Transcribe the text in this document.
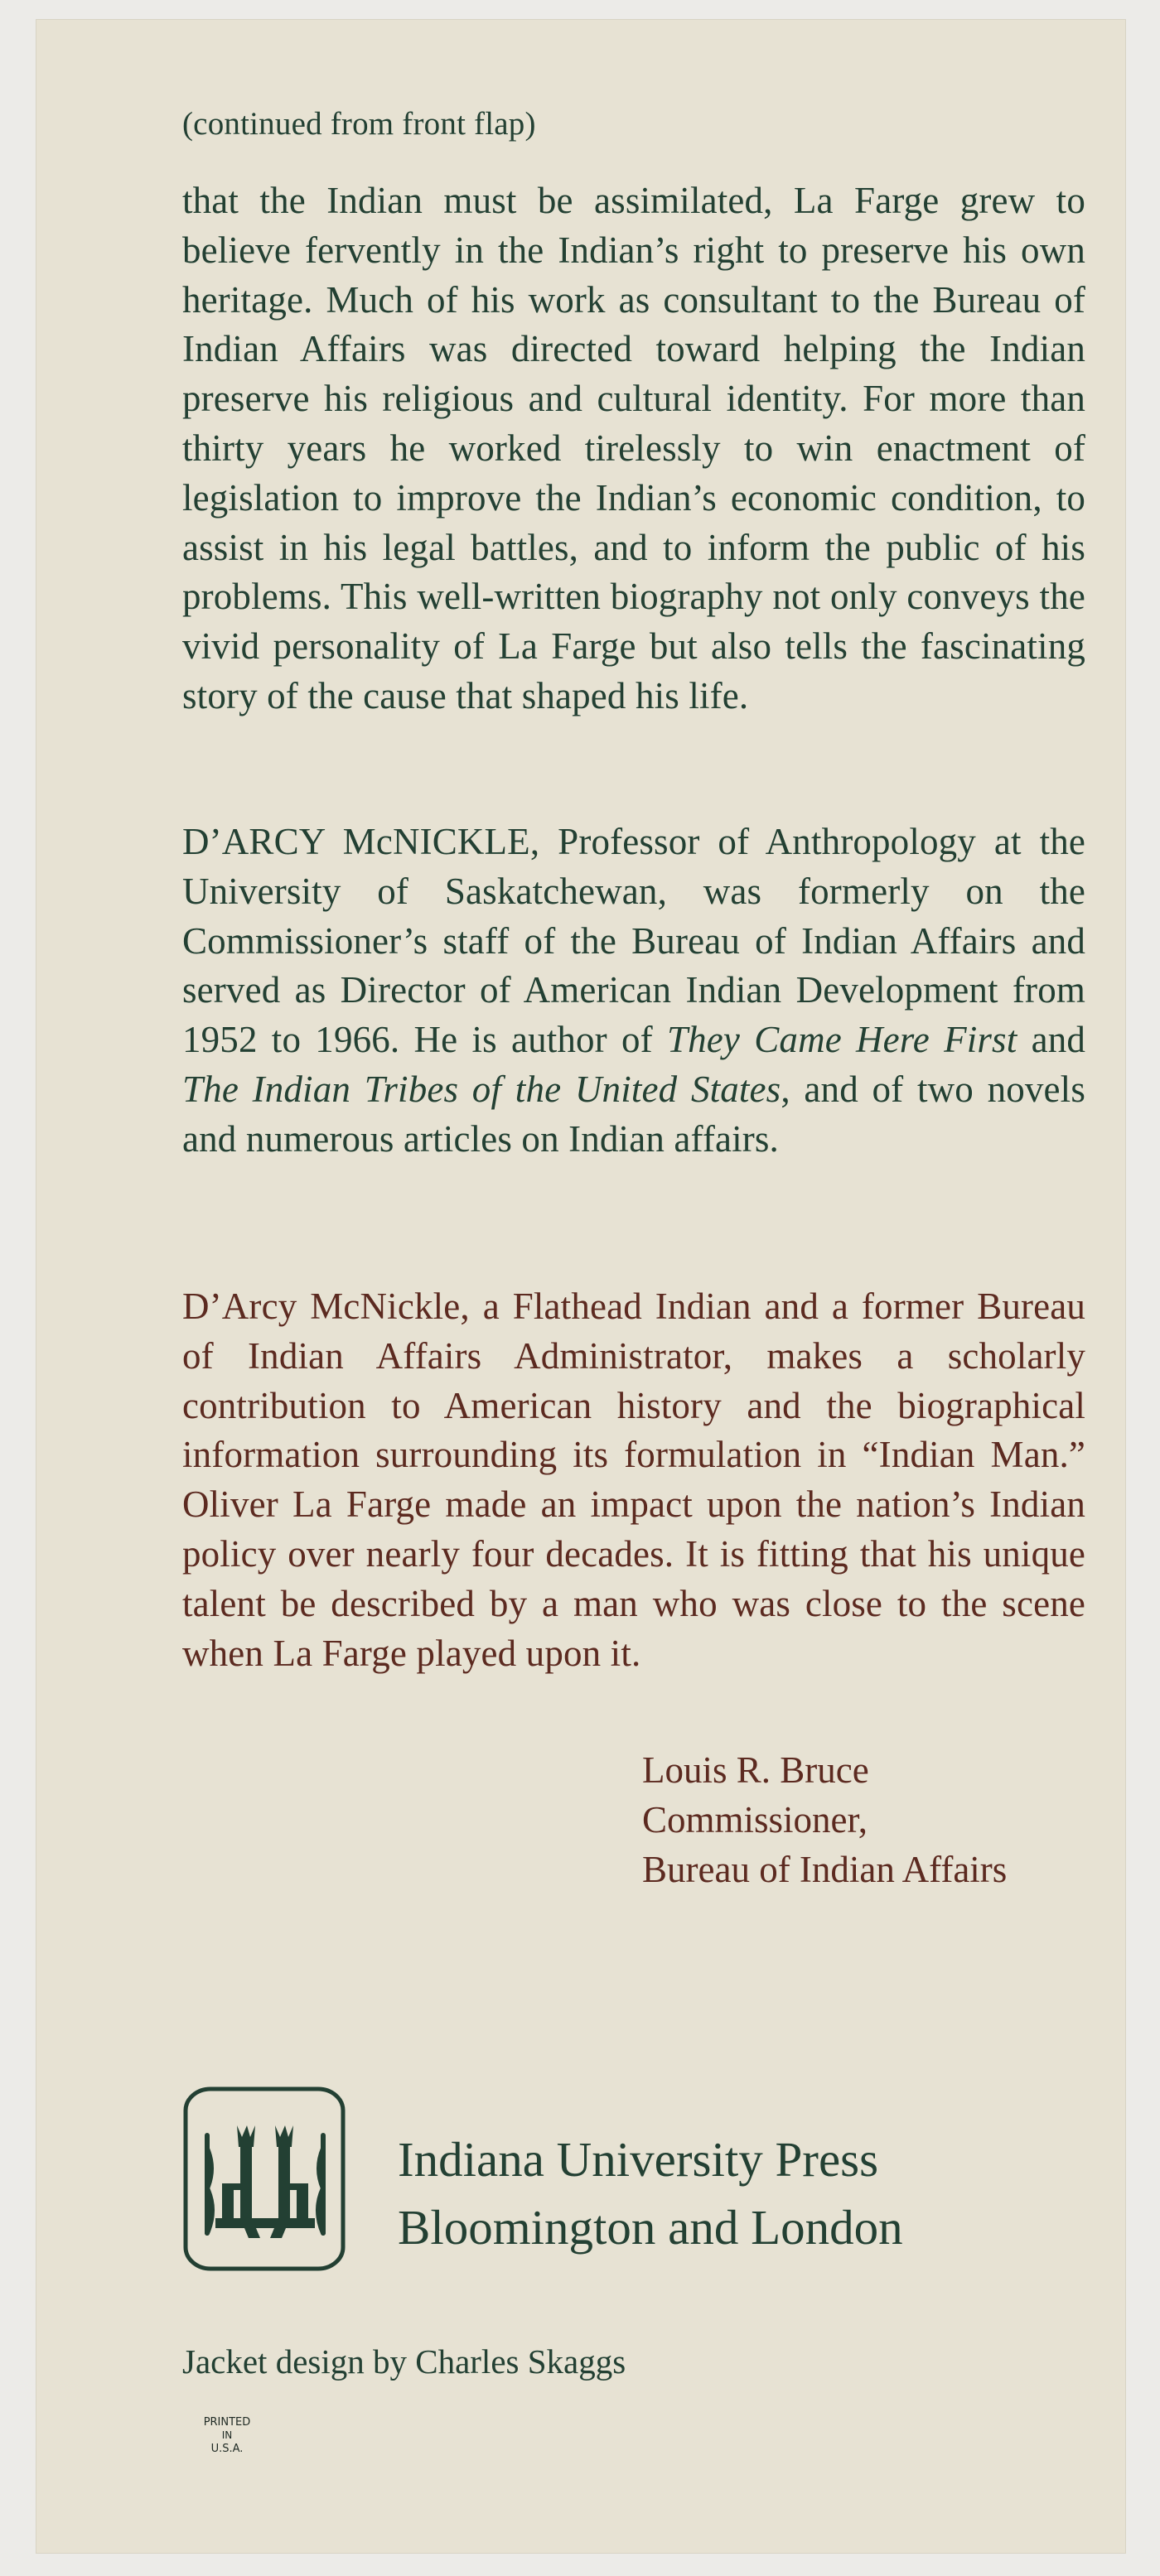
(continued from front flap)
that the Indian must be assimilated, La Farge grew to believe fervently in the Indian’s right to preserve his own heritage. Much of his work as consultant to the Bureau of Indian Affairs was directed toward helping the Indian preserve his religious and cultural identity. For more than thirty years he worked tirelessly to win enactment of legislation to improve the Indian’s economic condition, to assist in his legal battles, and to inform the public of his problems. This well-written biography not only conveys the vivid personality of La Farge but also tells the fascinating story of the cause that shaped his life.
D’ARCY McNICKLE, Professor of Anthropology at the University of Saskatchewan, was formerly on the Commissioner’s staff of the Bureau of Indian Affairs and served as Director of American Indian Development from 1952 to 1966. He is author of They Came Here First and The Indian Tribes of the United States, and of two novels and numerous articles on Indian affairs.
D’Arcy McNickle, a Flathead Indian and a former Bureau of Indian Affairs Administrator, makes a scholarly contribution to American history and the biographical information surrounding its formulation in “Indian Man.” Oliver La Farge made an impact upon the nation’s Indian policy over nearly four decades. It is fitting that his unique talent be described by a man who was close to the scene when La Farge played upon it.
Louis R. Bruce
Commissioner,
Bureau of Indian Affairs
Indiana University Press
Bloomington and London
Jacket design by Charles Skaggs
PRINTED
IN
U.S.A.
